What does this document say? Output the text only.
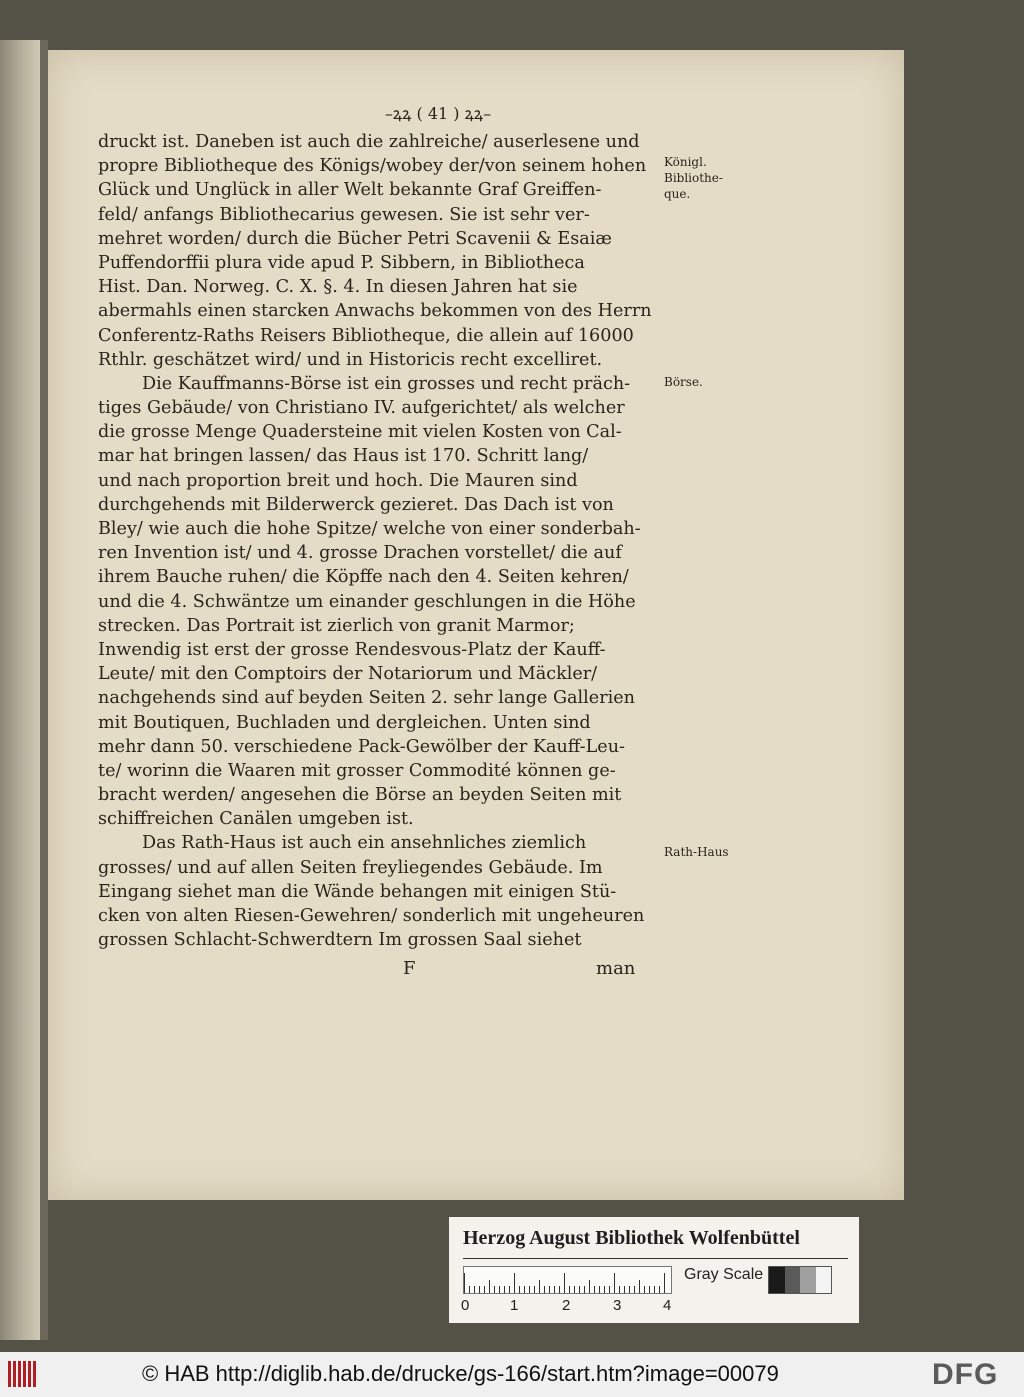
–ꝝꝝ ( 41 ) ꝝꝝ–
druckt ist. Daneben ist auch die zahlreiche/ auserlesene und
propre Bibliotheque des Königs/wobey der/von seinem hohen
Glück und Unglück in aller Welt bekannte Graf Greiffen-
feld/ anfangs Bibliothecarius gewesen. Sie ist sehr ver-
mehret worden/ durch die Bücher Petri Scavenii & Esaiæ
Puffendorffii plura vide apud P. Sibbern, in Bibliotheca
Hist. Dan. Norweg. C. X. §. 4. In diesen Jahren hat sie
abermahls einen starcken Anwachs bekommen von des Herrn
Conferentz-Raths Reisers Bibliotheque, die allein auf 16000
Rthlr. geschätzet wird/ und in Historicis recht excelliret.
Die Kauffmanns-Börse ist ein grosses und recht präch-
tiges Gebäude/ von Christiano IV. aufgerichtet/ als welcher
die grosse Menge Quadersteine mit vielen Kosten von Cal-
mar hat bringen lassen/ das Haus ist 170. Schritt lang/
und nach proportion breit und hoch. Die Mauren sind
durchgehends mit Bilderwerck gezieret. Das Dach ist von
Bley/ wie auch die hohe Spitze/ welche von einer sonderbah-
ren Invention ist/ und 4. grosse Drachen vorstellet/ die auf
ihrem Bauche ruhen/ die Köpffe nach den 4. Seiten kehren/
und die 4. Schwäntze um einander geschlungen in die Höhe
strecken. Das Portrait ist zierlich von granit Marmor;
Inwendig ist erst der grosse Rendesvous-Platz der Kauff-
Leute/ mit den Comptoirs der Notariorum und Mäckler/
nachgehends sind auf beyden Seiten 2. sehr lange Gallerien
mit Boutiquen, Buchladen und dergleichen. Unten sind
mehr dann 50. verschiedene Pack-Gewölber der Kauff-Leu-
te/ worinn die Waaren mit grosser Commodité können ge-
bracht werden/ angesehen die Börse an beyden Seiten mit
schiffreichen Canälen umgeben ist.
Das Rath-Haus ist auch ein ansehnliches ziemlich
grosses/ und auf allen Seiten freyliegendes Gebäude. Im
Eingang siehet man die Wände behangen mit einigen Stü-
cken von alten Riesen-Gewehren/ sonderlich mit ungeheuren
grossen Schlacht-Schwerdtern Im grossen Saal siehet
Königl.
Bibliothe-
que.
Börse.
Rath-Haus
F	man
Herzog August Bibliothek Wolfenbüttel
0	1	2	3	4
Gray Scale
© HAB http://diglib.hab.de/drucke/gs-166/start.htm?image=00079	DFG
